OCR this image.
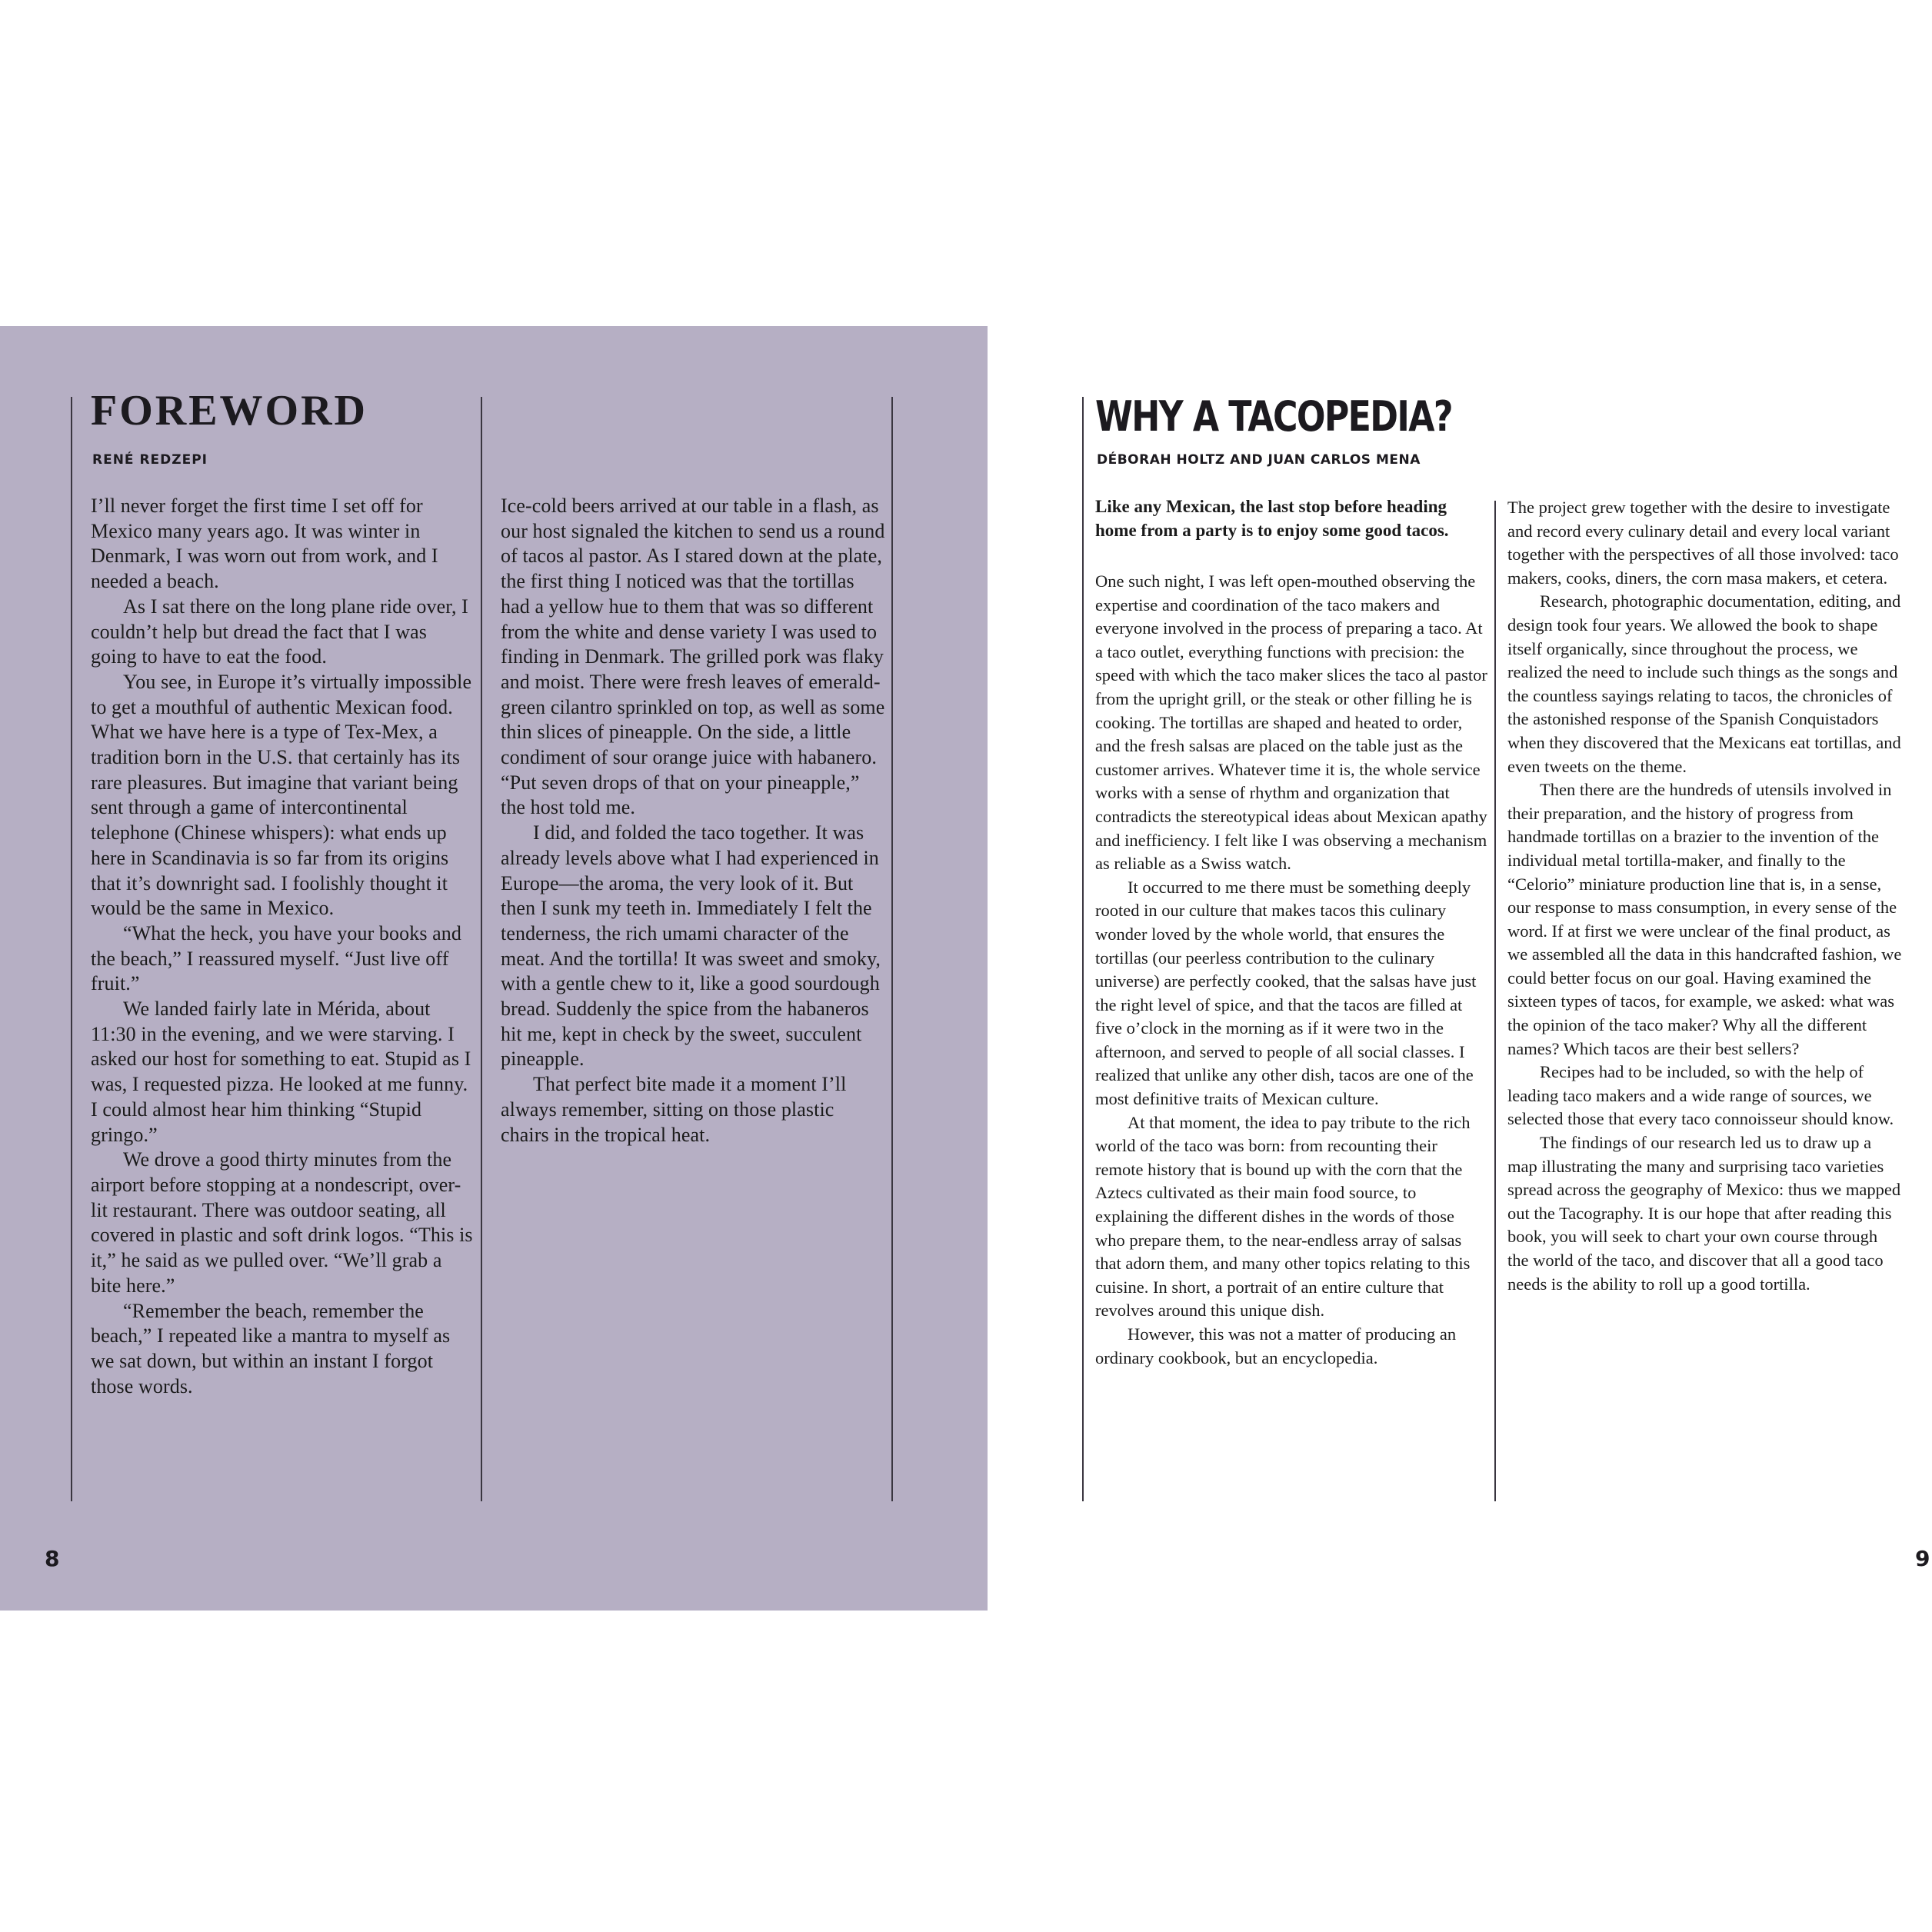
FOREWORD
RENÉ REDZEPI

I’ll never forget the first time I set off for Mexico many years ago. It was winter in Denmark, I was worn out from work, and I needed a beach.

As I sat there on the long plane ride over, I couldn’t help but dread the fact that I was going to have to eat the food.

You see, in Europe it’s virtually impossible to get a mouthful of authentic Mexican food. What we have here is a type of Tex-Mex, a tradition born in the U.S. that certainly has its rare pleasures. But imagine that variant being sent through a game of intercontinental telephone (Chinese whispers): what ends up here in Scandinavia is so far from its origins that it’s downright sad. I foolishly thought it would be the same in Mexico.

“What the heck, you have your books and the beach,” I reassured myself. “Just live off fruit.”

We landed fairly late in Mérida, about 11:30 in the evening, and we were starving. I asked our host for something to eat. Stupid as I was, I requested pizza. He looked at me funny. I could almost hear him thinking “Stupid gringo.”

We drove a good thirty minutes from the airport before stopping at a nondescript, over-lit restaurant. There was outdoor seating, all covered in plastic and soft drink logos. “This is it,” he said as we pulled over. “We’ll grab a bite here.”

“Remember the beach, remember the beach,” I repeated like a mantra to myself as we sat down, but within an instant I forgot those words.

Ice-cold beers arrived at our table in a flash, as our host signaled the kitchen to send us a round of tacos al pastor. As I stared down at the plate, the first thing I noticed was that the tortillas had a yellow hue to them that was so different from the white and dense variety I was used to finding in Denmark. The grilled pork was flaky and moist. There were fresh leaves of emerald-green cilantro sprinkled on top, as well as some thin slices of pineapple. On the side, a little condiment of sour orange juice with habanero. “Put seven drops of that on your pineapple,” the host told me.

I did, and folded the taco together. It was already levels above what I had experienced in Europe—the aroma, the very look of it. But then I sunk my teeth in. Immediately I felt the tenderness, the rich umami character of the meat. And the tortilla! It was sweet and smoky, with a gentle chew to it, like a good sourdough bread. Suddenly the spice from the habaneros hit me, kept in check by the sweet, succulent pineapple.

That perfect bite made it a moment I’ll always remember, sitting on those plastic chairs in the tropical heat.

8
WHY A TACOPEDIA?
DÉBORAH HOLTZ AND JUAN CARLOS MENA

Like any Mexican, the last stop before heading home from a party is to enjoy some good tacos.

One such night, I was left open-mouthed observing the expertise and coordination of the taco makers and everyone involved in the process of preparing a taco. At a taco outlet, everything functions with precision: the speed with which the taco maker slices the taco al pastor from the upright grill, or the steak or other filling he is cooking. The tortillas are shaped and heated to order, and the fresh salsas are placed on the table just as the customer arrives. Whatever time it is, the whole service works with a sense of rhythm and organization that contradicts the stereotypical ideas about Mexican apathy and inefficiency. I felt like I was observing a mechanism as reliable as a Swiss watch.

It occurred to me there must be something deeply rooted in our culture that makes tacos this culinary wonder loved by the whole world, that ensures the tortillas (our peerless contribution to the culinary universe) are perfectly cooked, that the salsas have just the right level of spice, and that the tacos are filled at five o’clock in the morning as if it were two in the afternoon, and served to people of all social classes. I realized that unlike any other dish, tacos are one of the most definitive traits of Mexican culture.

At that moment, the idea to pay tribute to the rich world of the taco was born: from recounting their remote history that is bound up with the corn that the Aztecs cultivated as their main food source, to explaining the different dishes in the words of those who prepare them, to the near-endless array of salsas that adorn them, and many other topics relating to this cuisine. In short, a portrait of an entire culture that revolves around this unique dish.

However, this was not a matter of producing an ordinary cookbook, but an encyclopedia.

The project grew together with the desire to investigate and record every culinary detail and every local variant together with the perspectives of all those involved: taco makers, cooks, diners, the corn masa makers, et cetera.

Research, photographic documentation, editing, and design took four years. We allowed the book to shape itself organically, since throughout the process, we realized the need to include such things as the songs and the countless sayings relating to tacos, the chronicles of the astonished response of the Spanish Conquistadors when they discovered that the Mexicans eat tortillas, and even tweets on the theme.

Then there are the hundreds of utensils involved in their preparation, and the history of progress from handmade tortillas on a brazier to the invention of the individual metal tortilla-maker, and finally to the “Celorio” miniature production line that is, in a sense, our response to mass consumption, in every sense of the word. If at first we were unclear of the final product, as we assembled all the data in this handcrafted fashion, we could better focus on our goal. Having examined the sixteen types of tacos, for example, we asked: what was the opinion of the taco maker? Why all the different names? Which tacos are their best sellers?

Recipes had to be included, so with the help of leading taco makers and a wide range of sources, we selected those that every taco connoisseur should know.

The findings of our research led us to draw up a map illustrating the many and surprising taco varieties spread across the geography of Mexico: thus we mapped out the Tacography. It is our hope that after reading this book, you will seek to chart your own course through the world of the taco, and discover that all a good taco needs is the ability to roll up a good tortilla.

9
